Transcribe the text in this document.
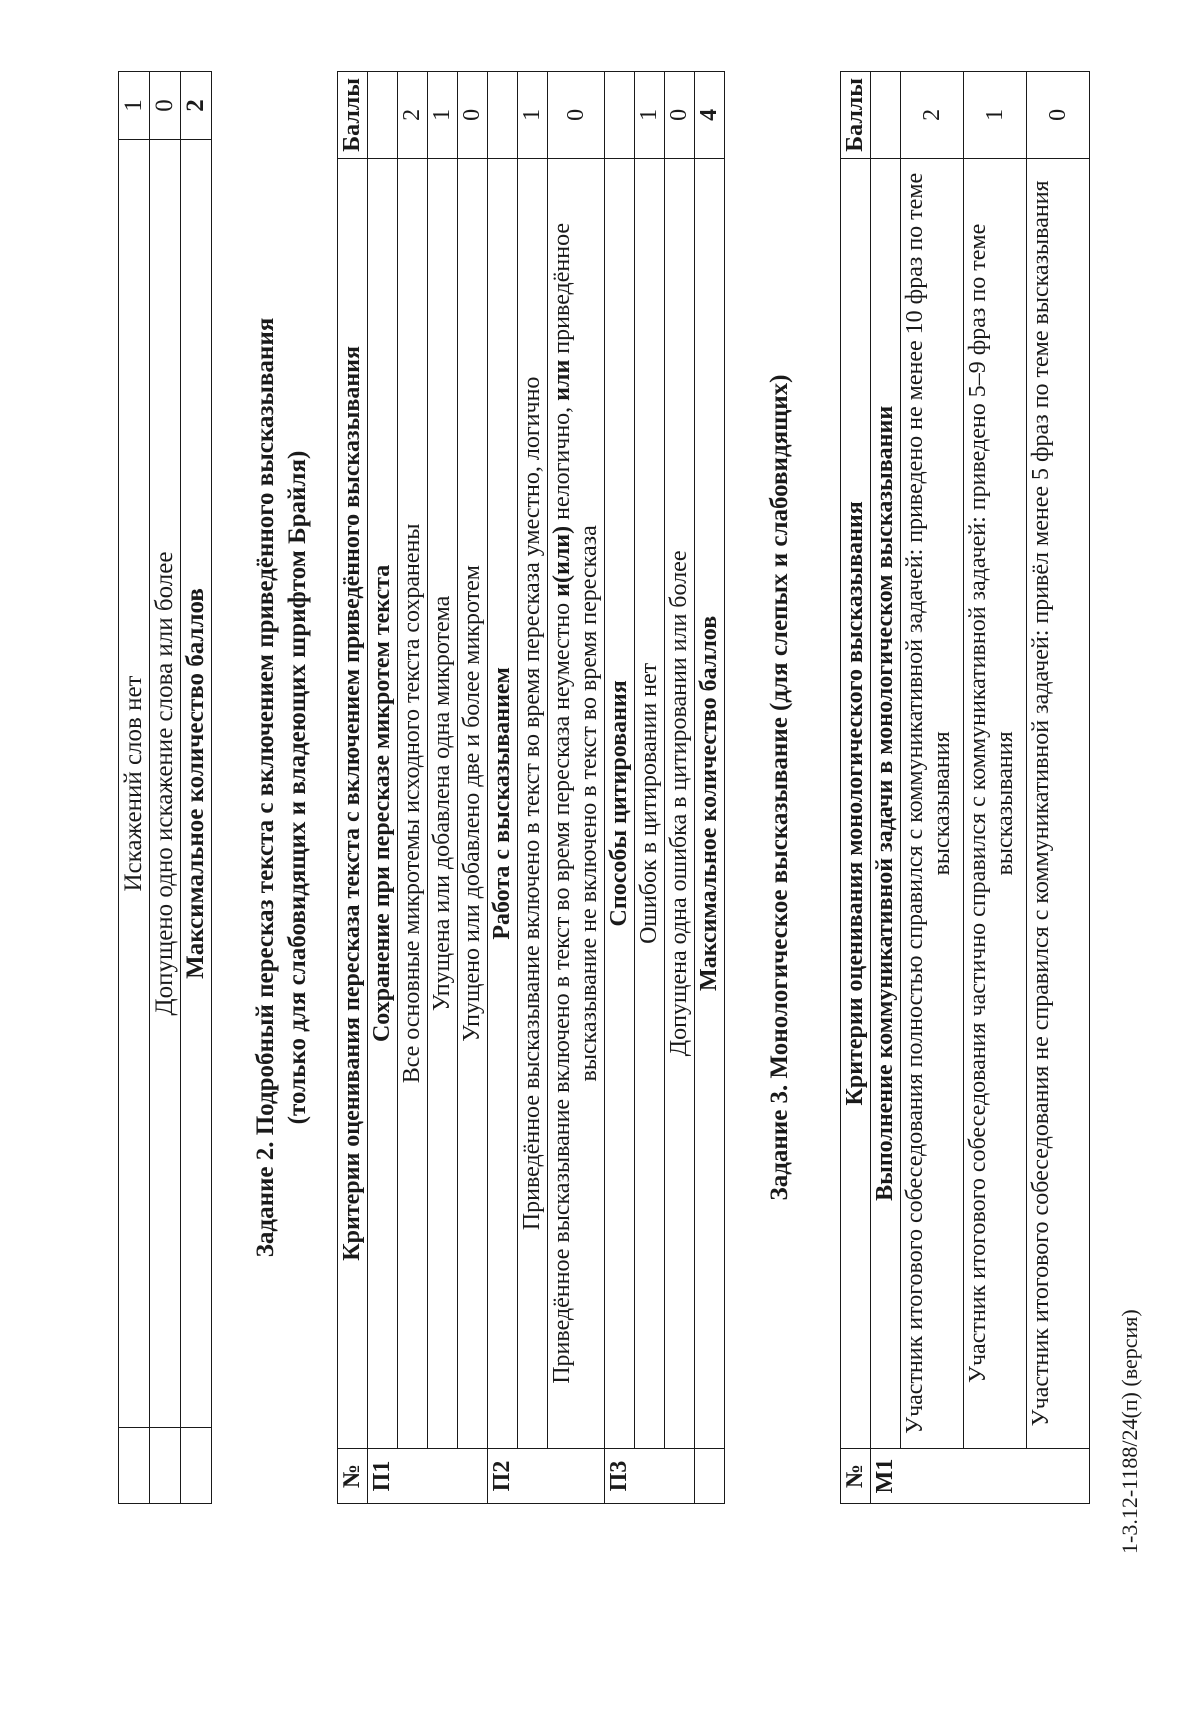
	Искажений слов нет	1
	Допущено одно искажение слова или более	0
	Максимальное количество баллов	2
Задание 2. Подробный пересказ текста с включением приведённого высказывания (только для слабовидящих и владеющих шрифтом Брайля)
№	Критерии оценивания пересказа текста с включением приведённого высказывания	Баллы
П1	Сохранение при пересказе микротем текста	
	Все основные микротемы исходного текста сохранены	2
	Упущена или добавлена одна микротема	1
	Упущено или добавлено две и более микротем	0
П2	Работа с высказыванием	
	Приведённое высказывание включено в текст во время пересказа уместно, логично	1
	Приведённое высказывание включено в текст во время пересказа неуместно и(или) нелогично, или приведённое высказывание не включено в текст во время пересказа	0
П3	Способы цитирования	
	Ошибок в цитировании нет	1
	Допущена одна ошибка в цитировании или более	0
	Максимальное количество баллов	4
Задание 3. Монологическое высказывание (для слепых и слабовидящих)
№	Критерии оценивания монологического высказывания	Баллы
М1	Выполнение коммуникативной задачи в монологическом высказывании	
	Участник итогового собеседования полностью справился с коммуникативной задачей: приведено не менее 10 фраз по теме высказывания	2
	Участник итогового собеседования частично справился с коммуникативной задачей: приведено 5–9 фраз по теме высказывания	1
	Участник итогового собеседования не справился с коммуникативной задачей: привёл менее 5 фраз по теме высказывания	0
1-3.12-1188/24(п) (версия)
